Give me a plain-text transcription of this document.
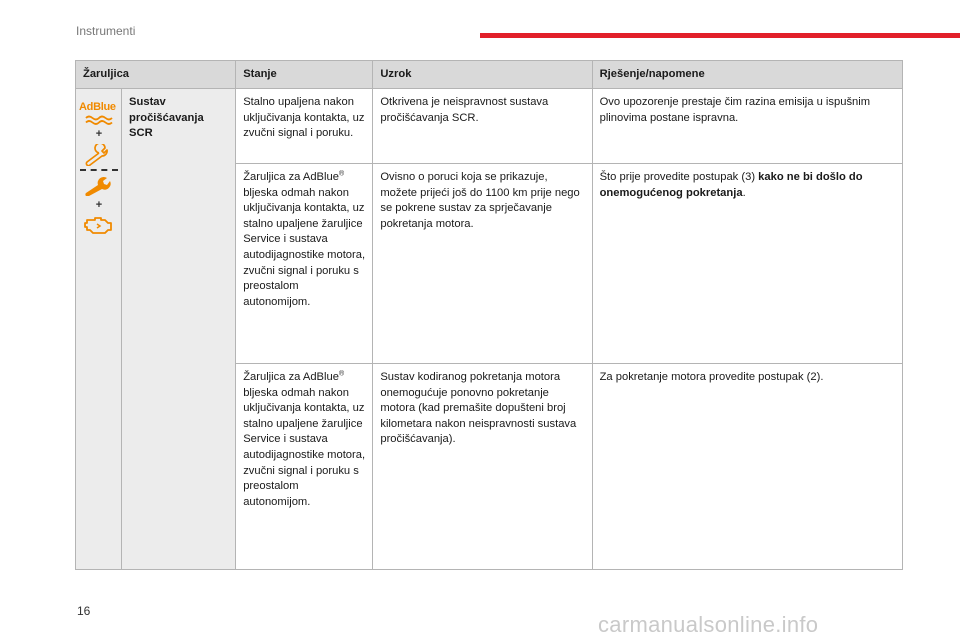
Instrumenti
Žaruljica		Stanje	Uzrok	Rješenje/napomene

AdBlue
+
+	Sustav pročišćavanja SCR	Stalno upaljena nakon uključivanja kontakta, uz zvučni signal i poruku.	Otkrivena je neispravnost sustava pročišćavanja SCR.	Ovo upozorenje prestaje čim razina emisija u ispušnim plinovima postane ispravna.
		Žaruljica za AdBlue® bljeska odmah nakon uključivanja kontakta, uz stalno upaljene žaruljice Service i sustava autodijagnostike motora, zvučni signal i poruku s preostalom autonomijom.	Ovisno o poruci koja se prikazuje, možete prijeći još do 1100 km prije nego se pokrene sustav za sprječavanje pokretanja motora.	Što prije provedite postupak (3) kako ne bi došlo do onemogućenog pokretanja.
		Žaruljica za AdBlue® bljeska odmah nakon uključivanja kontakta, uz stalno upaljene žaruljice Service i sustava autodijagnostike motora, zvučni signal i poruku s preostalom autonomijom.	Sustav kodiranog pokretanja motora onemogućuje ponovno pokretanje motora (kad premašite dopušteni broj kilometara nakon neispravnosti sustava pročišćavanja).	Za pokretanje motora provedite postupak (2).
16
carmanualsonline.info
